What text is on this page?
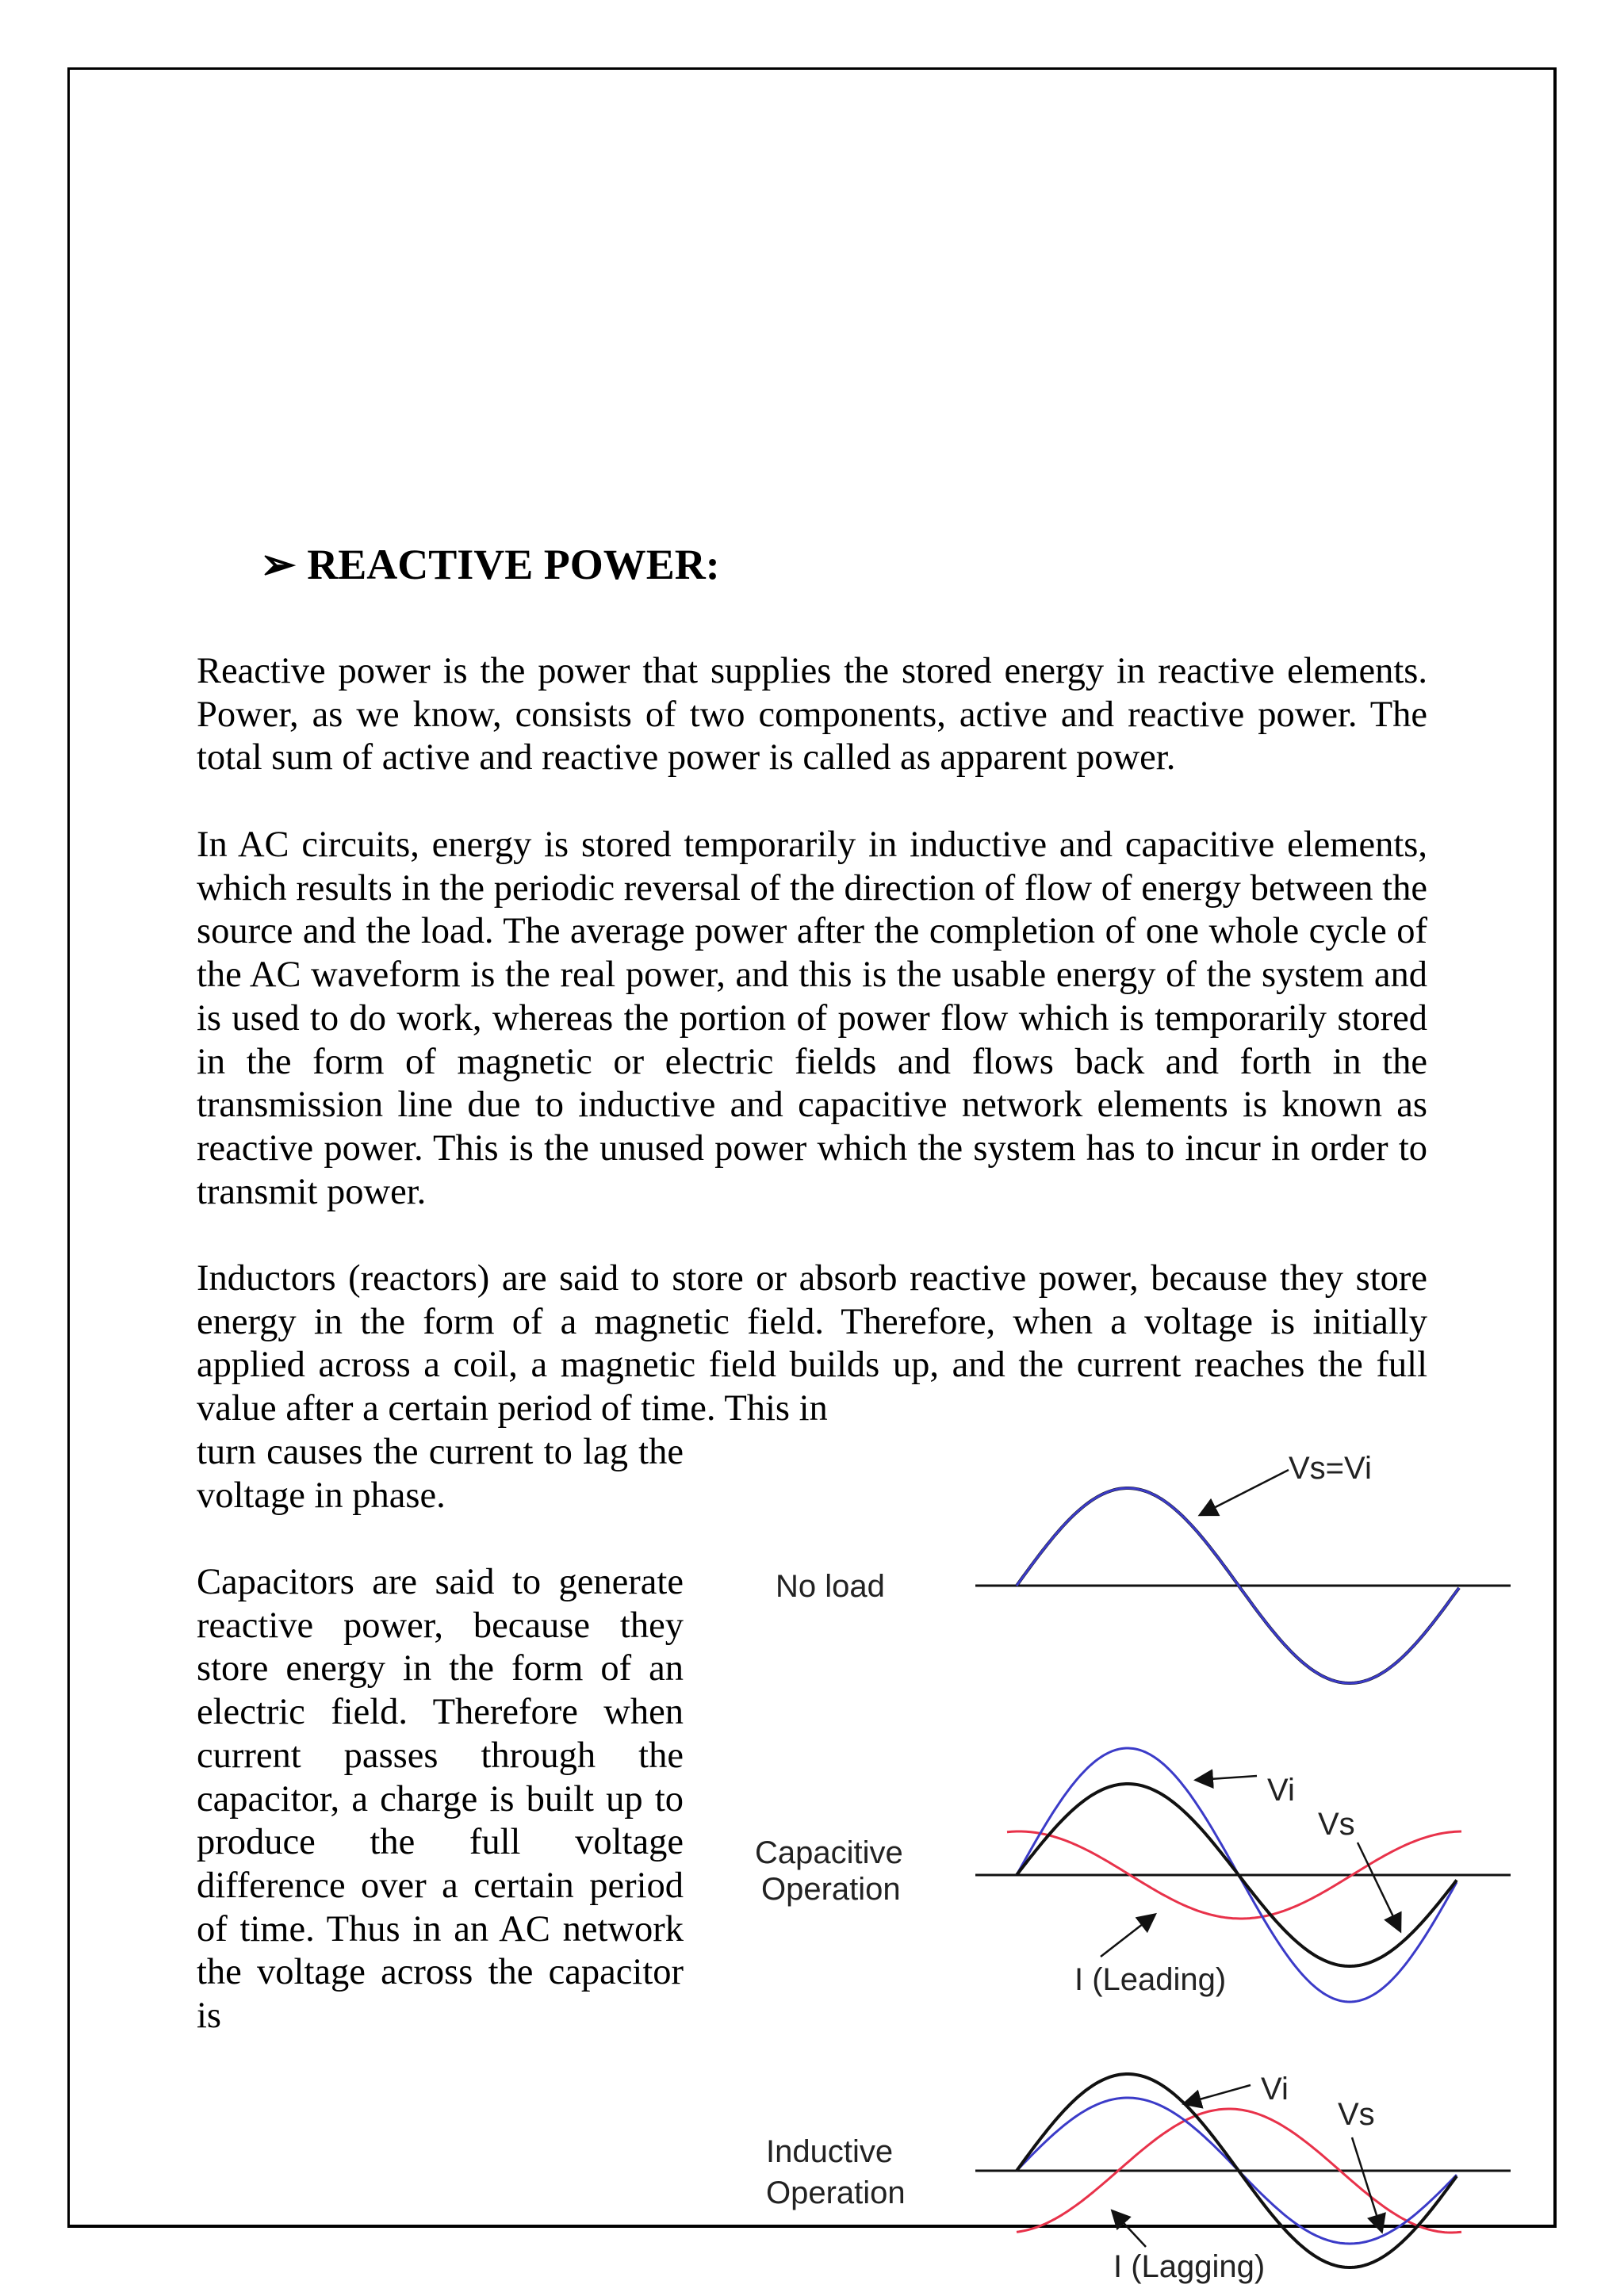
➢ REACTIVE POWER:

Reactive power is the power that supplies the stored energy in reactive elements. Power, as we know, consists of two components, active and reactive power. The total sum of active and reactive power is called as apparent power.

In AC circuits, energy is stored temporarily in inductive and capacitive elements, which results in the periodic reversal of the direction of flow of energy between the source and the load. The average power after the completion of one whole cycle of the AC waveform is the real power, and this is the usable energy of the system and is used to do work, whereas the portion of power flow which is temporarily stored in the form of magnetic or electric fields and flows back and forth in the transmission line due to inductive and capacitive network elements is known as reactive power. This is the unused power which the system has to incur in order to transmit power.

Inductors (reactors) are said to store or absorb reactive power, because they store energy in the form of a magnetic field. Therefore, when a voltage is initially applied across a coil, a magnetic field builds up, and the current reaches the full value after a certain period of time. This in

turn causes the current to lag the voltage in phase.

Capacitors are said to generate reactive power, because they store energy in the form of an electric field. Therefore when current passes through the capacitor, a charge is built up to produce the full voltage difference over a certain period of time. Thus in an AC network the voltage across the capacitor is

No load
Vs=Vi
Capacitive
Operation
Vi
Vs
I (Leading)
Inductive
Operation
Vi
Vs
I (Lagging)
